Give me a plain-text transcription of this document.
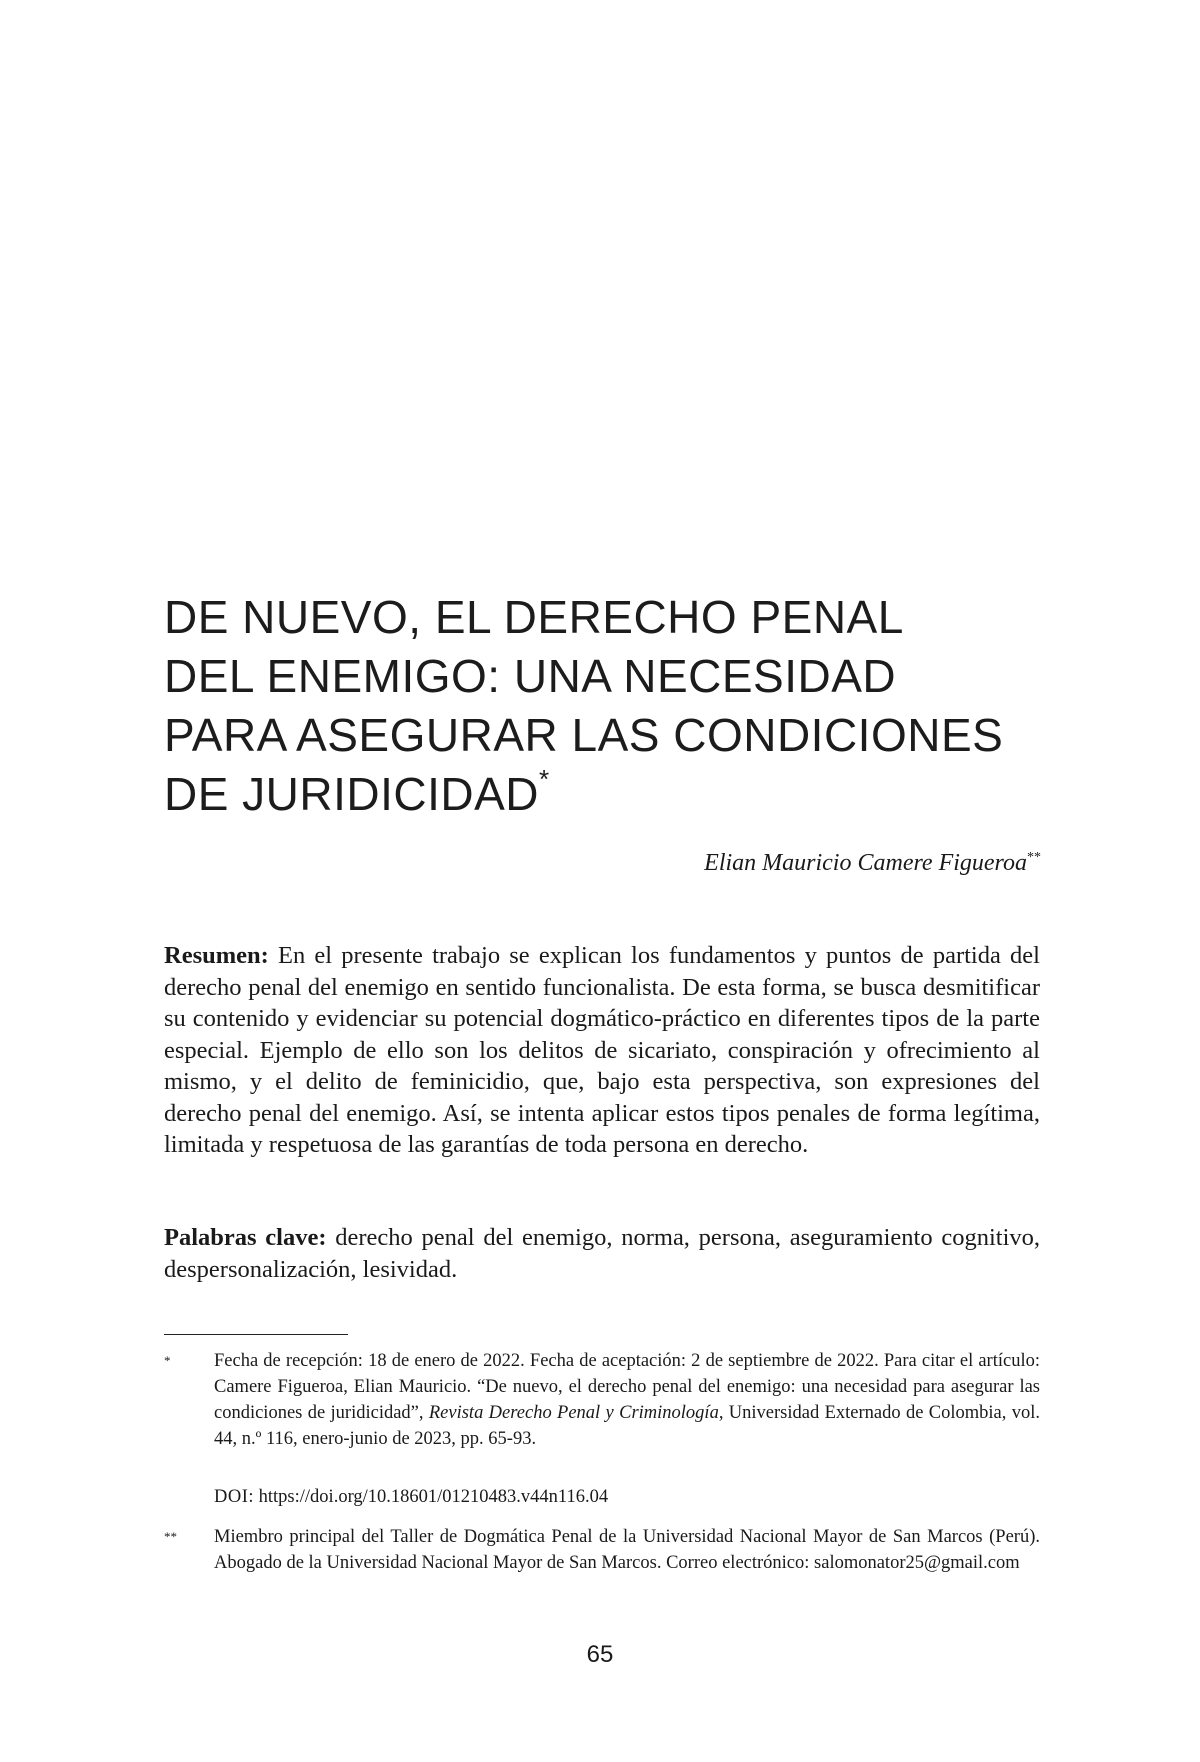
DE NUEVO, EL DERECHO PENAL
DEL ENEMIGO: UNA NECESIDAD
PARA ASEGURAR LAS CONDICIONES
DE JURIDICIDAD*
Elian Mauricio Camere Figueroa**

Resumen: En el presente trabajo se explican los fundamentos y puntos de partida del derecho penal del enemigo en sentido funcionalista. De esta forma, se busca desmitificar su contenido y evidenciar su potencial dogmático-práctico en diferentes tipos de la parte especial. Ejemplo de ello son los delitos de sicariato, conspiración y ofrecimiento al mismo, y el delito de feminicidio, que, bajo esta perspectiva, son expresiones del derecho penal del enemigo. Así, se intenta aplicar estos tipos penales de forma legítima, limitada y respetuosa de las garantías de toda persona en derecho.

Palabras clave: derecho penal del enemigo, norma, persona, aseguramiento cognitivo, despersonalización, lesividad.

*	Fecha de recepción: 18 de enero de 2022. Fecha de aceptación: 2 de septiembre de 2022. Para citar el artículo: Camere Figueroa, Elian Mauricio. “De nuevo, el derecho penal del enemigo: una necesidad para asegurar las condiciones de juridicidad”, Revista Derecho Penal y Criminología, Universidad Externado de Colombia, vol. 44, n.º 116, enero-junio de 2023, pp. 65-93.
DOI: https://doi.org/10.18601/01210483.v44n116.04
**	Miembro principal del Taller de Dogmática Penal de la Universidad Nacional Mayor de San Marcos (Perú). Abogado de la Universidad Nacional Mayor de San Marcos. Correo electrónico: salomonator25@gmail.com
65
